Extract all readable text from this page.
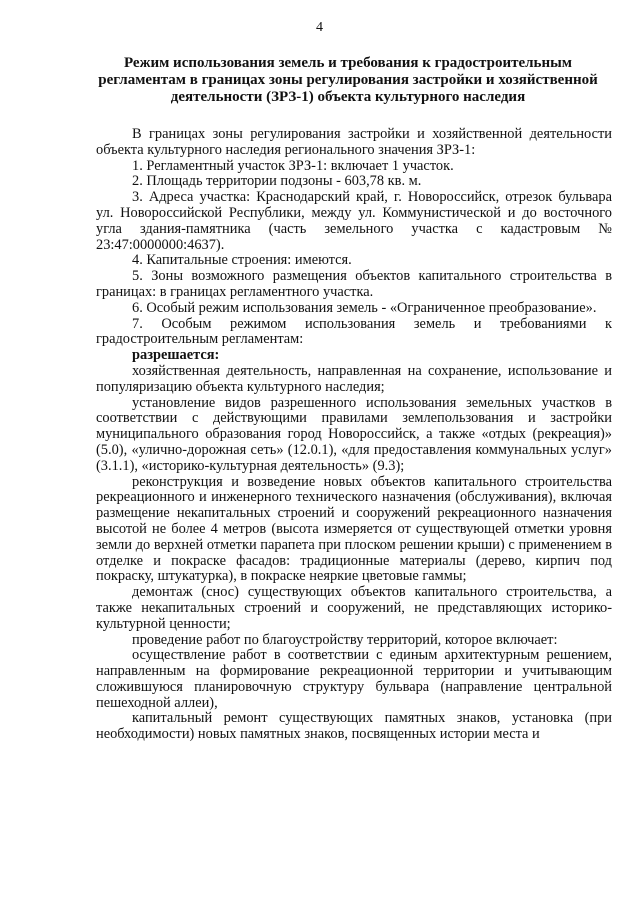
4
Режим использования земель и требования к градостроительным регламентам в границах зоны регулирования застройки и хозяйственной деятельности (ЗРЗ-1) объекта культурного наследия

В границах зоны регулирования застройки и хозяйственной деятельности объекта культурного наследия регионального значения ЗРЗ-1:

1. Регламентный участок ЗРЗ-1: включает 1 участок.

2. Площадь территории подзоны - 603,78 кв. м.

3. Адреса участка: Краснодарский край, г. Новороссийск, отрезок бульвара ул. Новороссийской Республики, между ул. Коммунистической и до восточного угла здания-памятника (часть земельного участка с кадастровым № 23:47:0000000:4637).

4. Капитальные строения: имеются.

5. Зоны возможного размещения объектов капитального строительства в границах: в границах регламентного участка.

6. Особый режим использования земель - «Ограниченное преобразование».

7. Особым режимом использования земель и требованиями к градостроительным регламентам:

разрешается:

хозяйственная деятельность, направленная на сохранение, использование и популяризацию объекта культурного наследия;

установление видов разрешенного использования земельных участков в соответствии с действующими правилами землепользования и застройки муниципального образования город Новороссийск, а также «отдых (рекреация)» (5.0), «улично-дорожная сеть» (12.0.1), «для предоставления коммунальных услуг» (3.1.1), «историко-культурная деятельность» (9.3);

реконструкция и возведение новых объектов капитального строительства рекреационного и инженерного технического назначения (обслуживания), включая размещение некапитальных строений и сооружений рекреационного назначения высотой не более 4 метров (высота измеряется от существующей отметки уровня земли до верхней отметки парапета при плоском решении крыши) с применением в отделке и покраске фасадов: традиционные материалы (дерево, кирпич под покраску, штукатурка), в покраске неяркие цветовые гаммы;

демонтаж (снос) существующих объектов капитального строительства, а также некапитальных строений и сооружений, не представляющих историко-культурной ценности;

проведение работ по благоустройству территорий, которое включает:

осуществление работ в соответствии с единым архитектурным решением, направленным на формирование рекреационной территории и учитывающим сложившуюся планировочную структуру бульвара (направление центральной пешеходной аллеи),

капитальный ремонт существующих памятных знаков, установка (при необходимости) новых памятных знаков, посвященных истории места и
